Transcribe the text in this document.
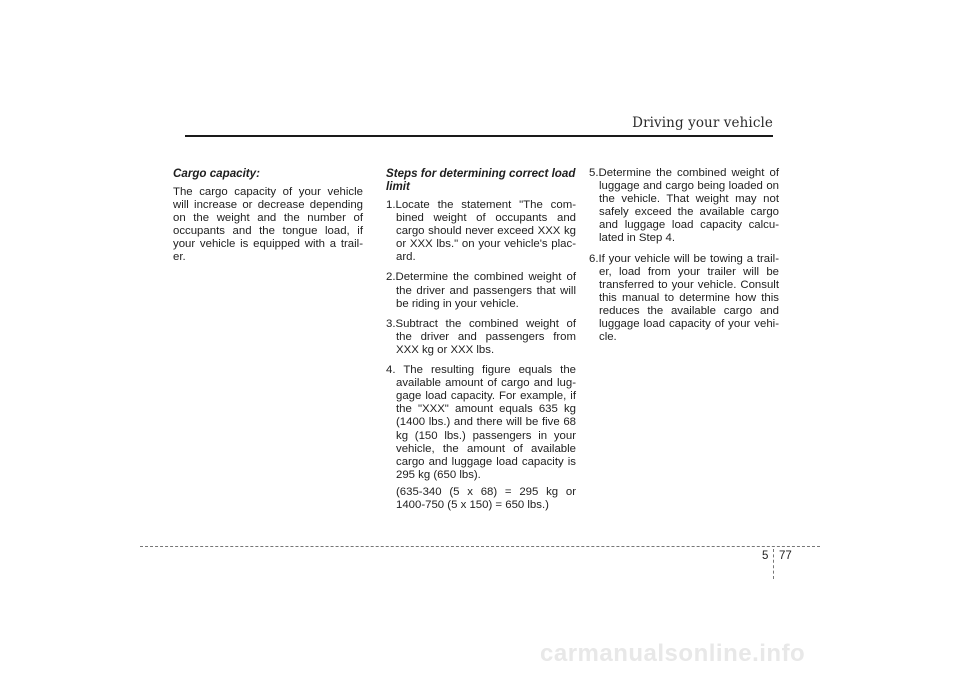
Driving your vehicle

Cargo capacity:

The cargo capacity of your vehicle will increase or decrease depending on the weight and the number of occupants and the tongue load, if your vehicle is equipped with a trail-er.

Steps for determining correct load limit

1.Locate the statement "The com-bined weight of occupants and cargo should never exceed XXX kg or XXX lbs." on your vehicle's plac-ard.
2.Determine the combined weight of the driver and passengers that will be riding in your vehicle.
3.Subtract the combined weight of the driver and passengers from XXX kg or XXX lbs.
4. The resulting figure equals the available amount of cargo and lug-gage load capacity. For example, if the "XXX" amount equals 635 kg (1400 lbs.) and there will be five 68 kg (150 lbs.) passengers in your vehicle, the amount of available cargo and luggage load capacity is 295 kg (650 lbs).
(635-340 (5 x 68) = 295 kg or 1400-750 (5 x 150) = 650 lbs.)
5.Determine the combined weight of luggage and cargo being loaded on the vehicle. That weight may not safely exceed the available cargo and luggage load capacity calcu-lated in Step 4.
6.If your vehicle will be towing a trail-er, load from your trailer will be transferred to your vehicle. Consult this manual to determine how this reduces the available cargo and luggage load capacity of your vehi-cle.
5 77
carmanualsonline.info
